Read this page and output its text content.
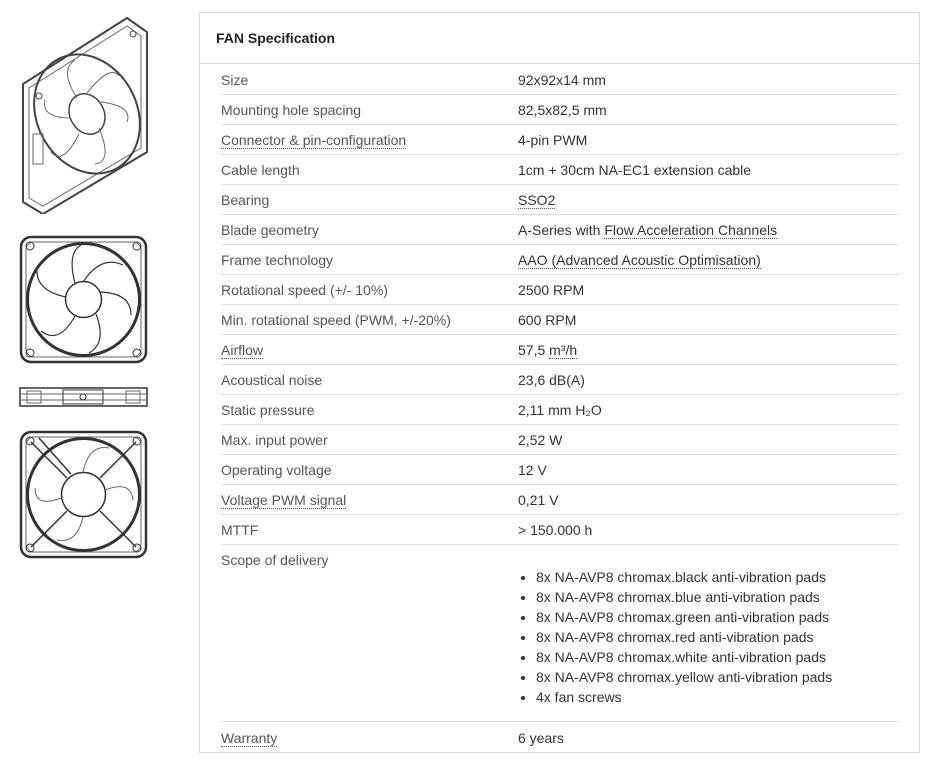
FAN Specification
Size	92x92x14 mm
Mounting hole spacing	82,5x82,5 mm
Connector & pin-configuration	4-pin PWM
Cable length	1cm + 30cm NA-EC1 extension cable
Bearing	SSO2
Blade geometry	A-Series with Flow Acceleration Channels
Frame technology	AAO (Advanced Acoustic Optimisation)
Rotational speed (+/- 10%)	2500 RPM
Min. rotational speed (PWM, +/-20%)	600 RPM
Airflow	57,5 m³/h
Acoustical noise	23,6 dB(A)
Static pressure	2,11 mm H₂O
Max. input power	2,52 W
Operating voltage	12 V
Voltage PWM signal	0,21 V
MTTF	> 150.000 h
Scope of delivery
• 8x NA-AVP8 chromax.black anti-vibration pads
• 8x NA-AVP8 chromax.blue anti-vibration pads
• 8x NA-AVP8 chromax.green anti-vibration pads
• 8x NA-AVP8 chromax.red anti-vibration pads
• 8x NA-AVP8 chromax.white anti-vibration pads
• 8x NA-AVP8 chromax.yellow anti-vibration pads
• 4x fan screws
Warranty	6 years
